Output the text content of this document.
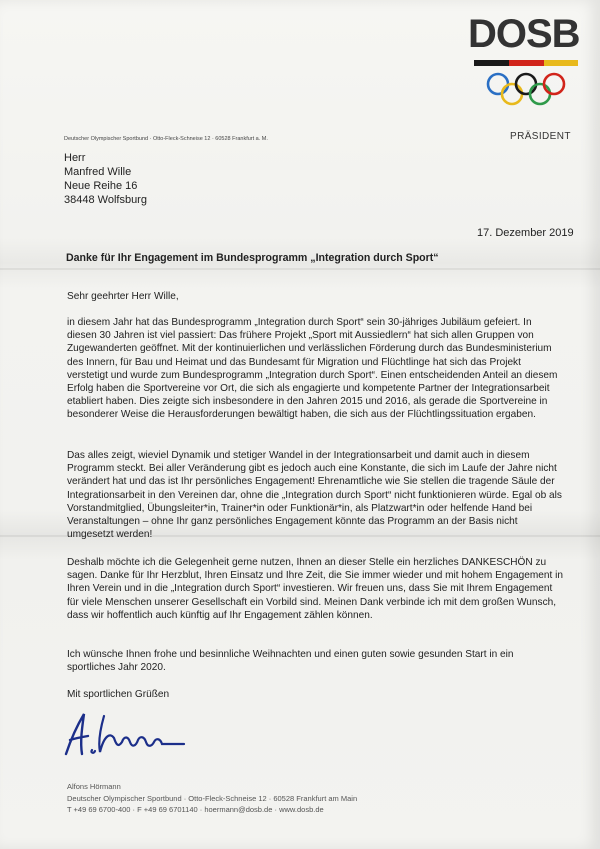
DOSB
Deutscher Olympischer Sportbund · Otto-Fleck-Schneise 12 · 60528 Frankfurt a. M.	PRÄSIDENT
Herr
Manfred Wille
Neue Reihe 16
38448 Wolfsburg
17. Dezember 2019
Danke für Ihr Engagement im Bundesprogramm „Integration durch Sport“
Sehr geehrter Herr Wille,
in diesem Jahr hat das Bundesprogramm „Integration durch Sport“ sein 30-jähriges Jubiläum gefeiert. In diesen 30 Jahren ist viel passiert: Das frühere Projekt „Sport mit Aussiedlern“ hat sich allen Gruppen von Zugewanderten geöffnet. Mit der kontinuierlichen und verlässlichen Förderung durch das Bundesministerium des Innern, für Bau und Heimat und das Bundesamt für Migration und Flüchtlinge hat sich das Projekt verstetigt und wurde zum Bundesprogramm „Integration durch Sport“. Einen entscheidenden Anteil an diesem Erfolg haben die Sportvereine vor Ort, die sich als engagierte und kompetente Partner der Integrationsarbeit etabliert haben. Dies zeigte sich insbesondere in den Jahren 2015 und 2016, als gerade die Sportvereine in besonderer Weise die Herausforderungen bewältigt haben, die sich aus der Flüchtlingssituation ergaben.
Das alles zeigt, wieviel Dynamik und stetiger Wandel in der Integrationsarbeit und damit auch in diesem Programm steckt. Bei aller Veränderung gibt es jedoch auch eine Konstante, die sich im Laufe der Jahre nicht verändert hat und das ist Ihr persönliches Engagement! Ehrenamtliche wie Sie stellen die tragende Säule der Integrationsarbeit in den Vereinen dar, ohne die „Integration durch Sport“ nicht funktionieren würde. Egal ob als Vorstandmitglied, Übungsleiter*in, Trainer*in oder Funktionär*in, als Platzwart*in oder helfende Hand bei Veranstaltungen – ohne Ihr ganz persönliches Engagement könnte das Programm an der Basis nicht umgesetzt werden!
Deshalb möchte ich die Gelegenheit gerne nutzen, Ihnen an dieser Stelle ein herzliches DANKESCHÖN zu sagen. Danke für Ihr Herzblut, Ihren Einsatz und Ihre Zeit, die Sie immer wieder und mit hohem Engagement in Ihren Verein und in die „Integration durch Sport“ investieren. Wir freuen uns, dass Sie mit Ihrem Engagement für viele Menschen unserer Gesellschaft ein Vorbild sind. Meinen Dank verbinde ich mit dem großen Wunsch, dass wir hoffentlich auch künftig auf Ihr Engagement zählen können.
Ich wünsche Ihnen frohe und besinnliche Weihnachten und einen guten sowie gesunden Start in ein sportliches Jahr 2020.
Mit sportlichen Grüßen
Alfons Hörmann
Deutscher Olympischer Sportbund · Otto-Fleck-Schneise 12 · 60528 Frankfurt am Main
T +49 69 6700-400 · F +49 69 6701140 · hoermann@dosb.de · www.dosb.de
